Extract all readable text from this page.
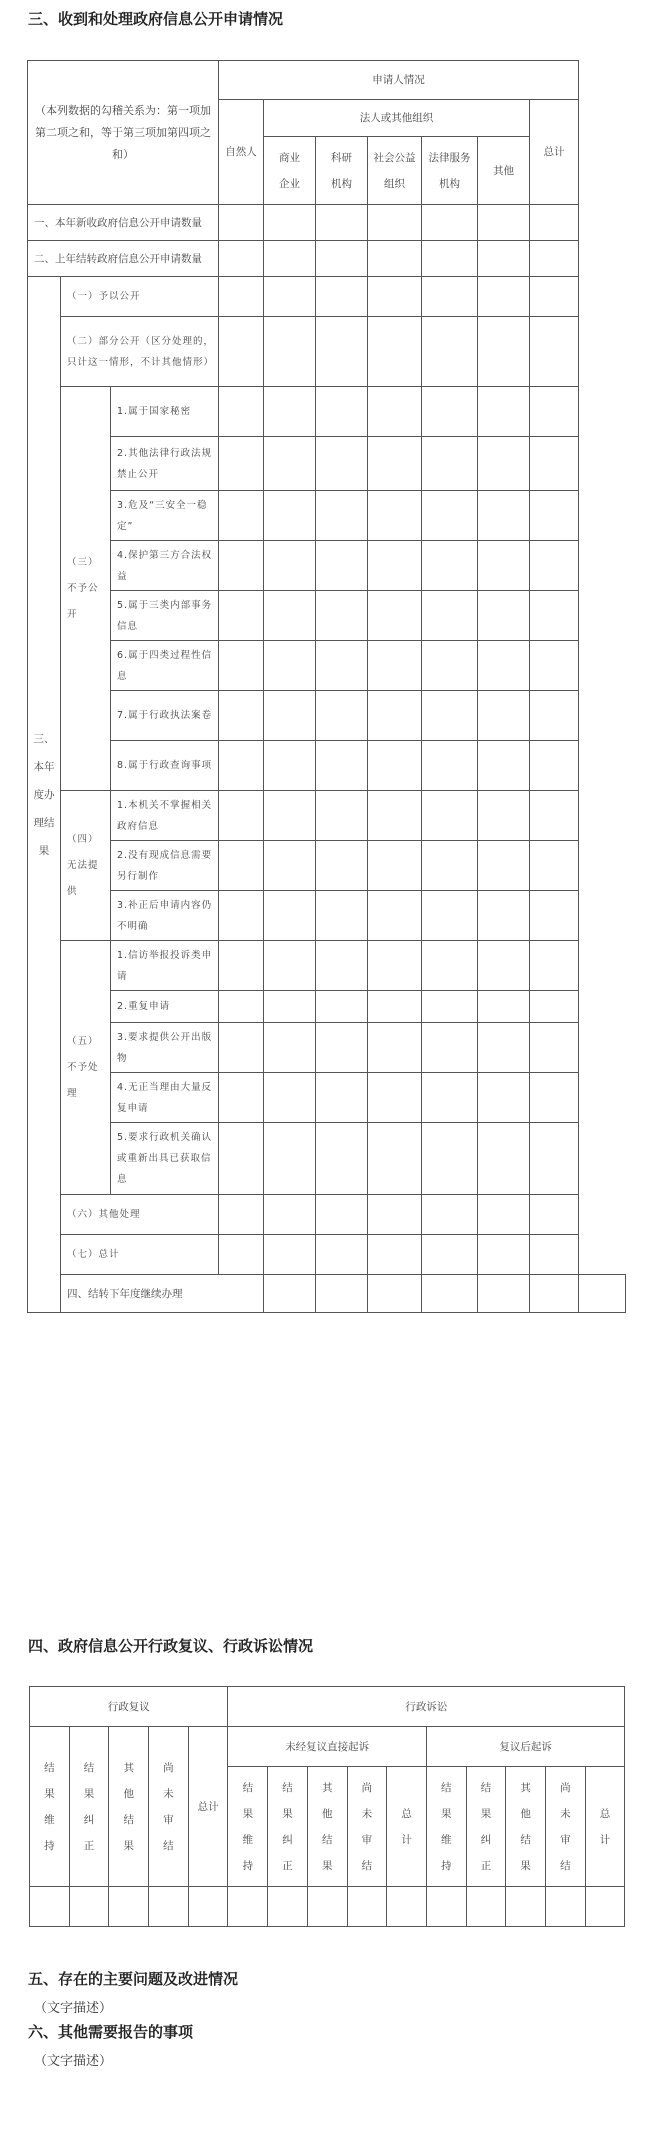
三、收到和处理政府信息公开申请情况
（本列数据的勾稽关系为：第一项加第二项之和，等于第三项加第四项之和）			申请人情况							
			自然人	法人或其他组织					总计	

				商业企业	科研机构	社会公益组织	法律服务机构	其他		
一、本年新收政府信息公开申请数量										
二、上年结转政府信息公开申请数量										

三、本年度办理结果	（一）予以公开									
	（二）部分公开（区分处理的，只计这一情形，不计其他情形）									

	（三）不予公开	1.属于国家秘密								
		2.其他法律行政法规禁止公开								
		3.危及“三安全一稳定”								
		4.保护第三方合法权益								
		5.属于三类内部事务信息								
		6.属于四类过程性信息								
		7.属于行政执法案卷								
		8.属于行政查询事项								

	（四）无法提供	1.本机关不掌握相关政府信息								
		2.没有现成信息需要另行制作								
		3.补正后申请内容仍不明确								

	（五）不予处理	1.信访举报投诉类申请								
		2.重复申请								
		3.要求提供公开出版物								
		4.无正当理由大量反复申请								
		5.要求行政机关确认或重新出具已获取信息								
	（六）其他处理									
	（七）总计									
	四、结转下年度继续办理									
四、政府信息公开行政复议、行政诉讼情况
行政复议					行政诉讼									

结果维持	结果纠正	其他结果	尚未审结	总计	未经复议直接起诉					复议后起诉				

					结果维持	结果纠正	其他结果	尚未审结	总计	结果维持	结果纠正	其他结果	尚未审结	总计

五、存在的主要问题及改进情况
（文字描述）
六、其他需要报告的事项
（文字描述）
